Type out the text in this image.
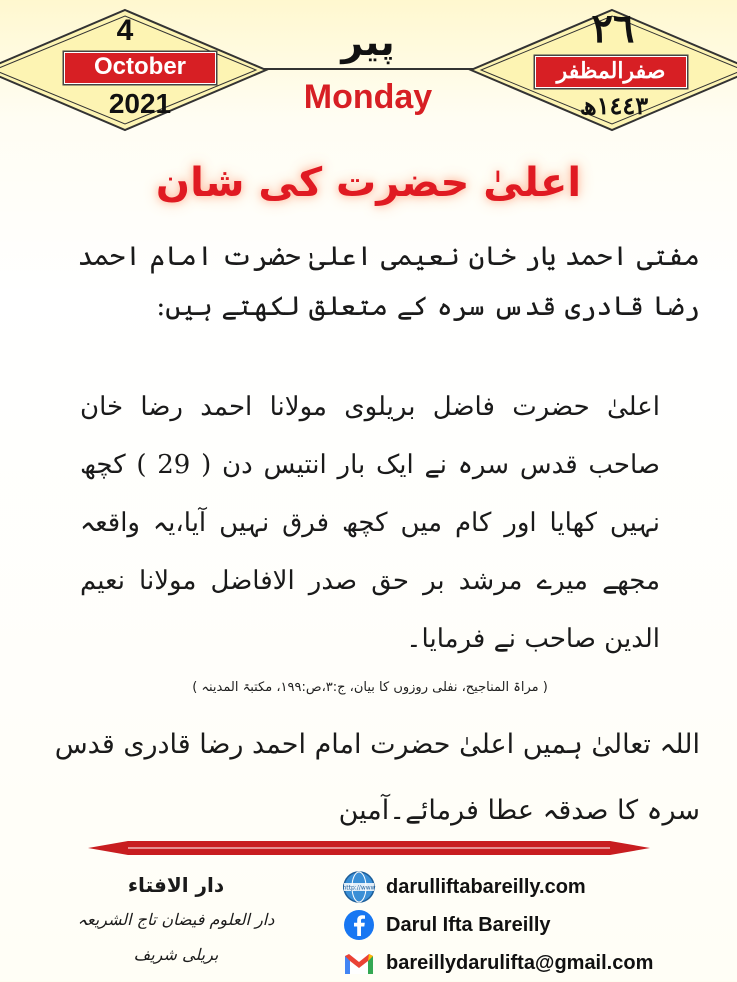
4
October
2021
پیر
Monday
٢٦
صفرالمظفر
١٤٤٣ھ
اعلیٰ حضرت کی شان
مفتی احمد یار خان نعیمی اعلیٰ حضرت امام احمد رضا قادری قدس سرہ کے متعلق لکھتے ہیں:
اعلیٰ حضرت فاضل بریلوی مولانا احمد رضا خان صاحب قدس سرہ نے ایک بار انتیس دن ( 29 ) کچھ نہیں کھایا اور کام میں کچھ فرق نہیں آیا،یہ واقعہ مجھے میرے مرشد بر حق صدر الافاضل مولانا نعیم الدین صاحب نے فرمایا۔
( مراۃ المناجیح، نفلی روزوں کا بیان، ج:٣،ص:١٩٩، مکتبۃ المدینہ )
اللہ تعالیٰ ہمیں اعلیٰ حضرت امام احمد رضا قادری قدس سرہ کا صدقہ عطا فرمائے۔آمین
دار الافتاء
دار العلوم فیضان تاج الشریعہ
بریلی شریف
http://www darulliftabareilly.com
Darul Ifta Bareilly
bareillydarulifta@gmail.com
